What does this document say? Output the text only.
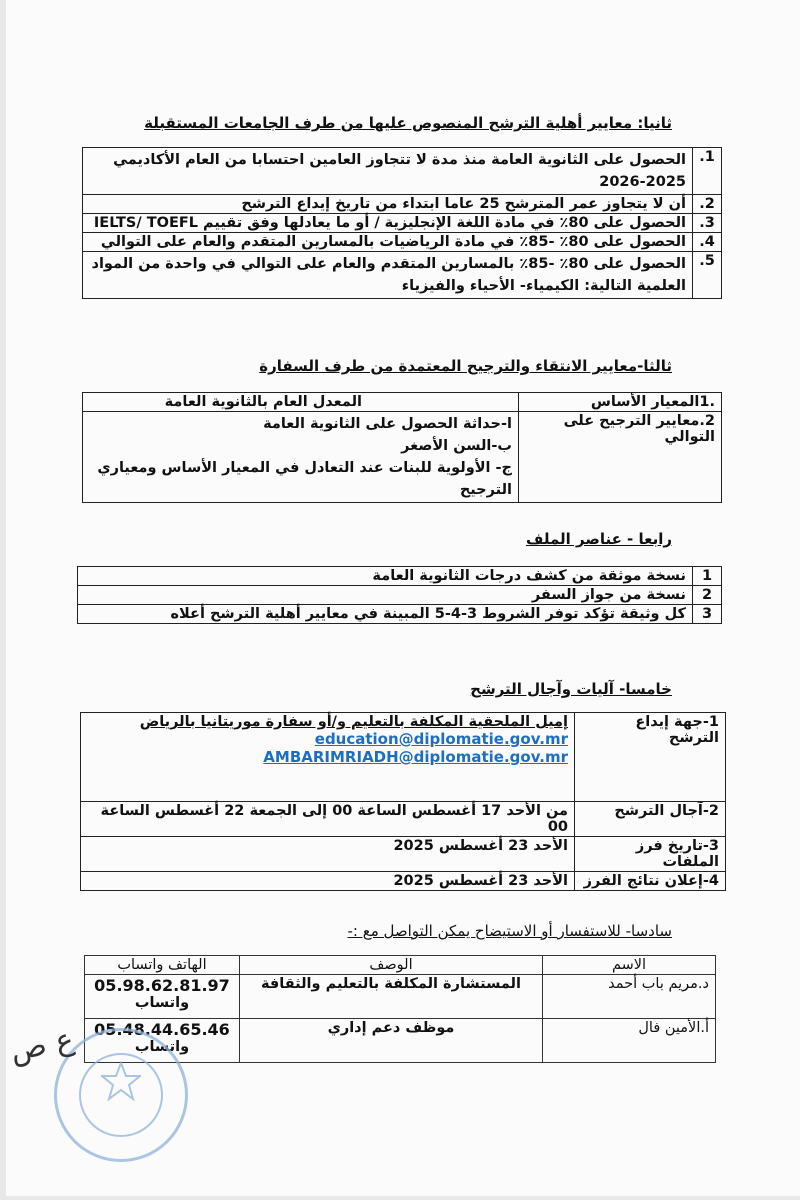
ثانيا: معايير أهلية الترشح المنصوص عليها من طرف الجامعات المستقبلة
1.	الحصول على الثانوية العامة منذ مدة لا تتجاوز العامين احتسابا من العام الأكاديمي 2025-2026
2.	أن لا يتجاوز عمر المترشح 25 عاما ابتداء من تاريخ إيداع الترشح
3.	الحصول على 80٪ في مادة اللغة الإنجليزية / أو ما يعادلها وفق تقييم IELTS/ TOEFL
4.	الحصول على 80٪ -85٪ في مادة الرياضيات بالمسارين المتقدم والعام على التوالي
5.	الحصول على 80٪ -85٪ بالمسارين المتقدم والعام على التوالي في واحدة من المواد العلمية التالية: الكيمياء- الأحياء والفيزياء
ثالثا-معايير الانتقاء والترجيح المعتمدة من طرف السفارة
.1المعيار الأساس	المعدل العام بالثانوية العامة

2.معايير الترجيح على التوالي	ا-حداثة الحصول على الثانوية العامة
ب-السن الأصغر
ج- الأولوية للبنات عند التعادل في المعيار الأساس ومعياري الترجيح
رابعا - عناصر الملف
1	نسخة موثقة من كشف درجات الثانوية العامة
2	نسخة من جواز السفر
3	كل وثيقة تؤكد توفر الشروط 3-4-5 المبينة في معايير أهلية الترشح أعلاه
خامسا- آليات وآجال الترشح
1-جهة إيداع الترشح	إميل الملحقية المكلفة بالتعليم و/أو سفارة موريتانيا بالرياض
education@diplomatie.gov.mr
AMBARIMRIADH@diplomatie.gov.mr

2-آجال الترشح	من الأحد 17 أغسطس الساعة 00 إلى الجمعة 22 أغسطس الساعة 00
3-تاريخ فرز الملفات	الأحد 23 أغسطس 2025
4-إعلان نتائج الفرز	الأحد 23 أغسطس 2025
سادسا- للاستفسار أو الاستيضاح يمكن التواصل مع :-
الاسم	الوصف	الهاتف واتساب
د.مريم باب أحمد	المستشارة المكلفة بالتعليم والثقافة	05.98.62.81.97
واتساب

أ.الأمين فال	موظف دعم إداري	05.48.44.65.46
واتساب
ع ص
